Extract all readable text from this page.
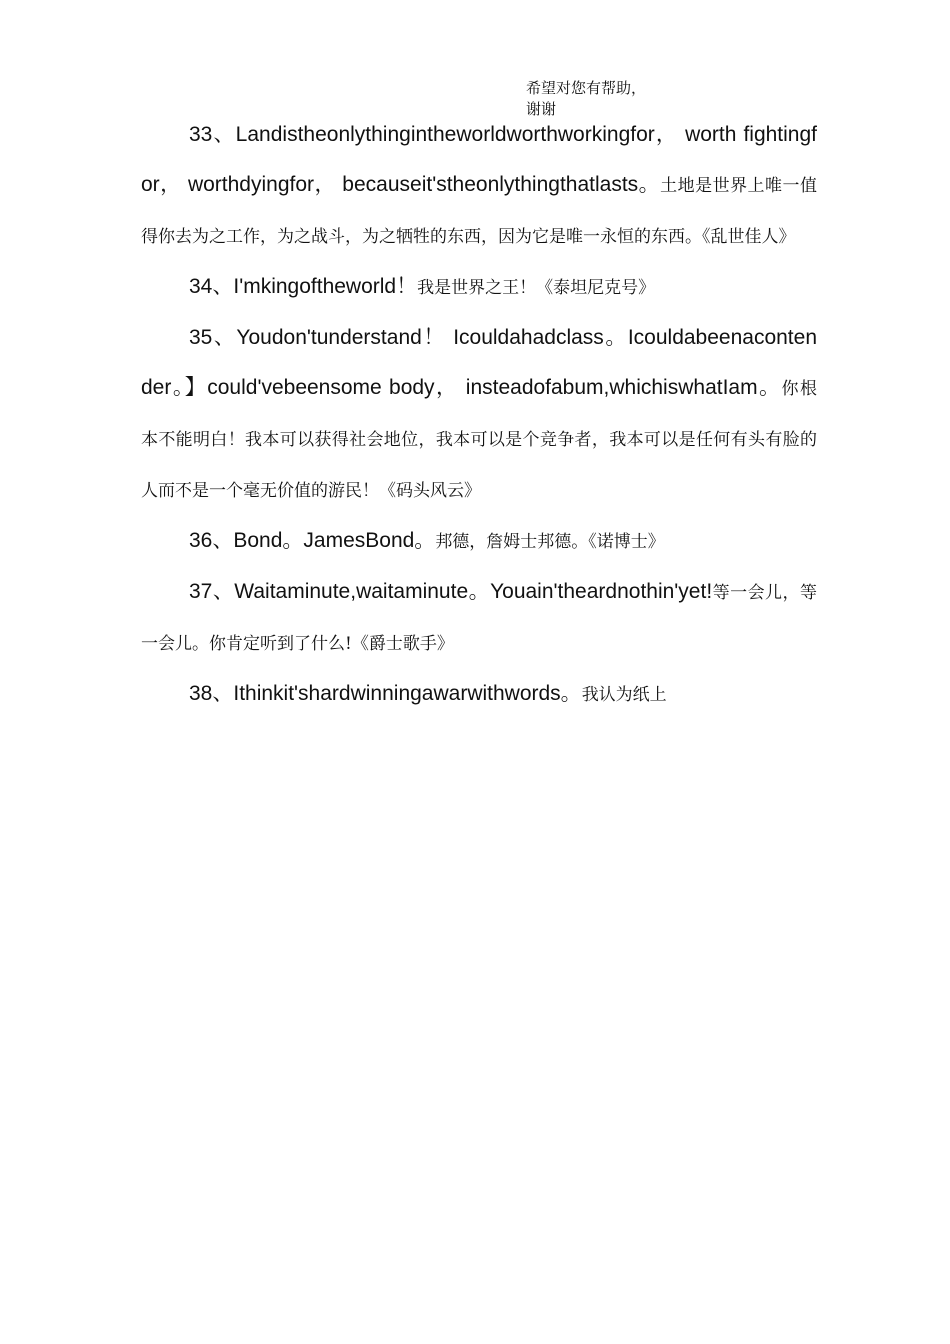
希望对您有帮助，
谢谢

33、Landistheonlythingintheworldworthworkingfor， worth fightingfor， worthdyingfor， becauseit'stheonlythingthatlasts。土地是世界上唯一值得你去为之工作，为之战斗，为之牺牲的东西，因为它是唯一永恒的东西。《乱世佳人》

34、I'mkingoftheworld！我是世界之王！《泰坦尼克号》

35、Youdon'tunderstand！ Icouldahadclass。Icouldabeenacontender。】could'vebeensome body， insteadofabum,whichiswhatIam。你根本不能明白！我本可以获得社会地位，我本可以是个竞争者，我本可以是任何有头有脸的人而不是一个毫无价值的游民！《码头风云》

36、Bond。JamesBond。邦德，詹姆士邦德。《诺博士》

37、Waitaminute,waitaminute。Youain'theardnothin'yet!等一会儿，等一会儿。你肯定听到了什么!《爵士歌手》

38、Ithinkit'shardwinningawarwithwords。我认为纸上
